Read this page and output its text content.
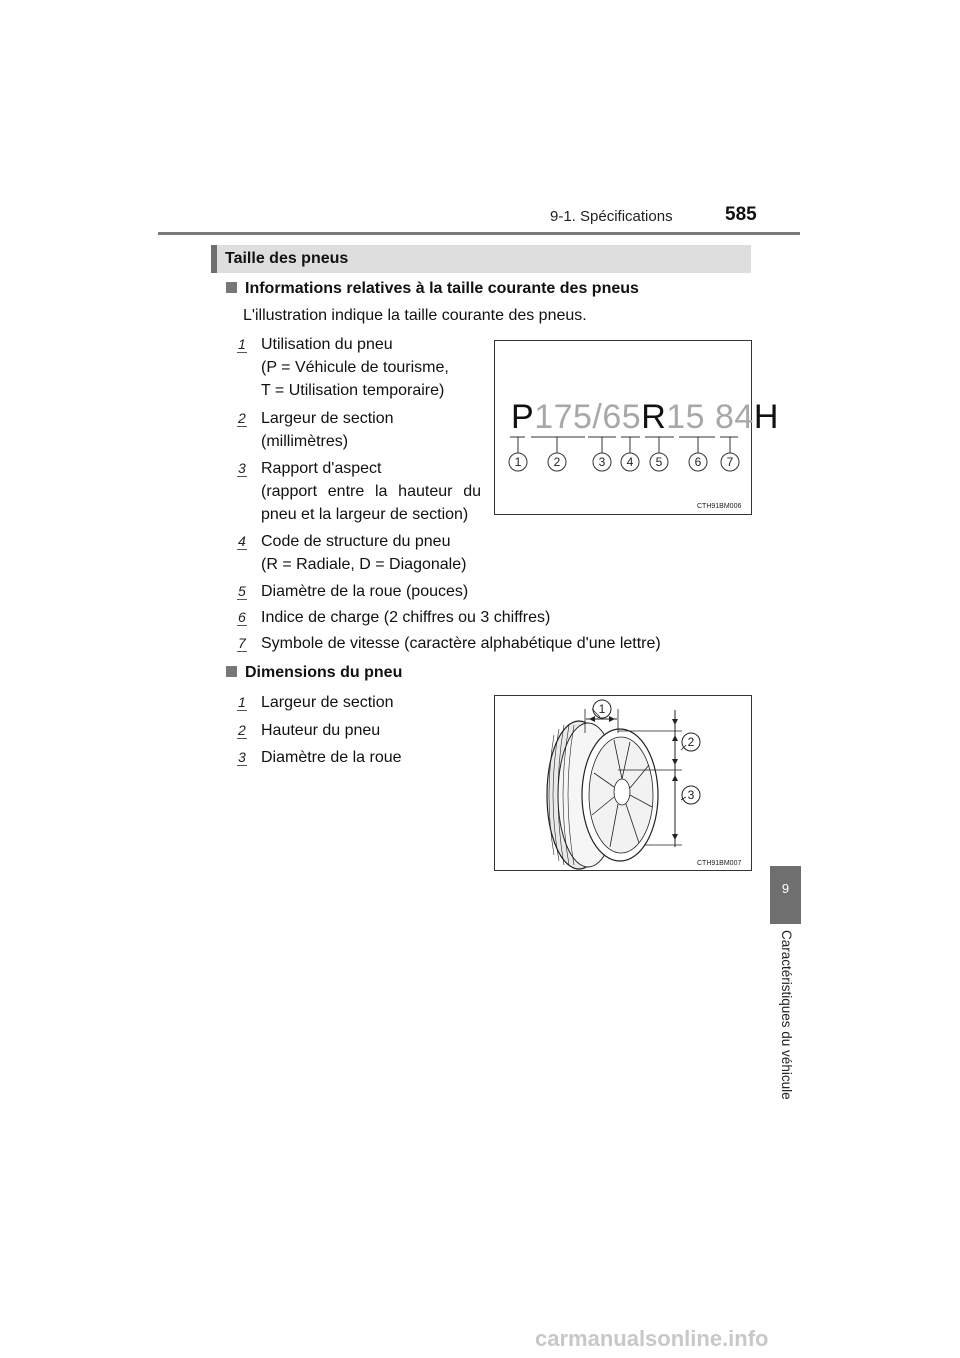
9-1. Spécifications	585
9
Caractéristiques du véhicule
Taille des pneus
Informations relatives à la taille courante des pneus
L'illustration indique la taille courante des pneus.
1 Utilisation du pneu
(P = Véhicule de tourisme,
T = Utilisation temporaire)
2 Largeur de section
(millimètres)
3 Rapport d'aspect
(rapport entre la hauteur du
pneu et la largeur de section)
4 Code de structure du pneu
(R = Radiale, D = Diagonale)
5 Diamètre de la roue (pouces)
6 Indice de charge (2 chiffres ou 3 chiffres)
7 Symbole de vitesse (caractère alphabétique d'une lettre)
P175/65R15 84H
1	2	3 4 5	6 7
CTH91BM006
Dimensions du pneu
1 Largeur de section
2 Hauteur du pneu
3 Diamètre de la roue
1
2
3
CTH91BM007
carmanualsonline.info
